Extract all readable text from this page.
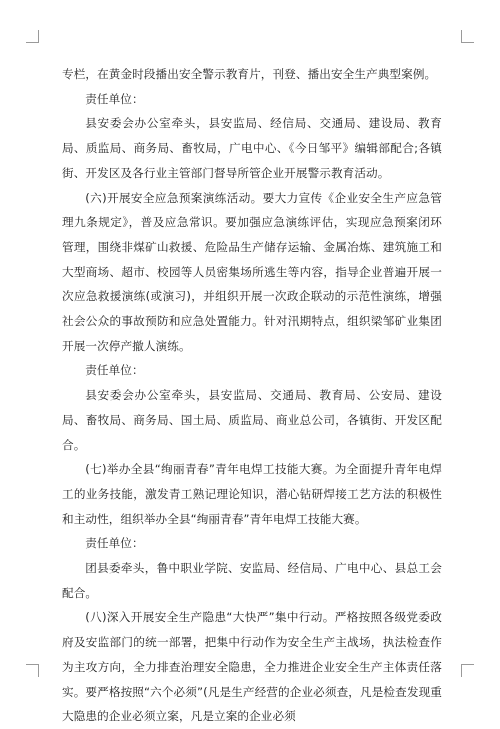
专栏，在黄金时段播出安全警示教育片，刊登、播出安全生产典型案例。

责任单位：

县安委会办公室牵头，县安监局、经信局、交通局、建设局、教育局、质监局、商务局、畜牧局，广电中心、《今日邹平》编辑部配合;各镇街、开发区及各行业主管部门督导所管企业开展警示教育活动。

(六)开展安全应急预案演练活动。要大力宣传《企业安全生产应急管理九条规定》，普及应急常识。要加强应急演练评估，实现应急预案闭环管理，围绕非煤矿山救援、危险品生产储存运输、金属冶炼、建筑施工和大型商场、超市、校园等人员密集场所逃生等内容，指导企业普遍开展一次应急救援演练(或演习)，并组织开展一次政企联动的示范性演练，增强社会公众的事故预防和应急处置能力。针对汛期特点，组织梁邹矿业集团开展一次停产撤人演练。

责任单位：

县安委会办公室牵头，县安监局、交通局、教育局、公安局、建设局、畜牧局、商务局、国土局、质监局、商业总公司，各镇街、开发区配合。

(七)举办全县“绚丽青春”青年电焊工技能大赛。为全面提升青年电焊工的业务技能，激发青工熟记理论知识，潜心钻研焊接工艺方法的积极性和主动性，组织举办全县“绚丽青春”青年电焊工技能大赛。

责任单位：

团县委牵头，鲁中职业学院、安监局、经信局、广电中心、县总工会配合。

(八)深入开展安全生产隐患“大快严”集中行动。严格按照各级党委政府及安监部门的统一部署，把集中行动作为安全生产主战场，执法检查作为主攻方向，全力排查治理安全隐患，全力推进企业安全生产主体责任落实。要严格按照“六个必须”(凡是生产经营的企业必须查，凡是检查发现重大隐患的企业必须立案，凡是立案的企业必须
